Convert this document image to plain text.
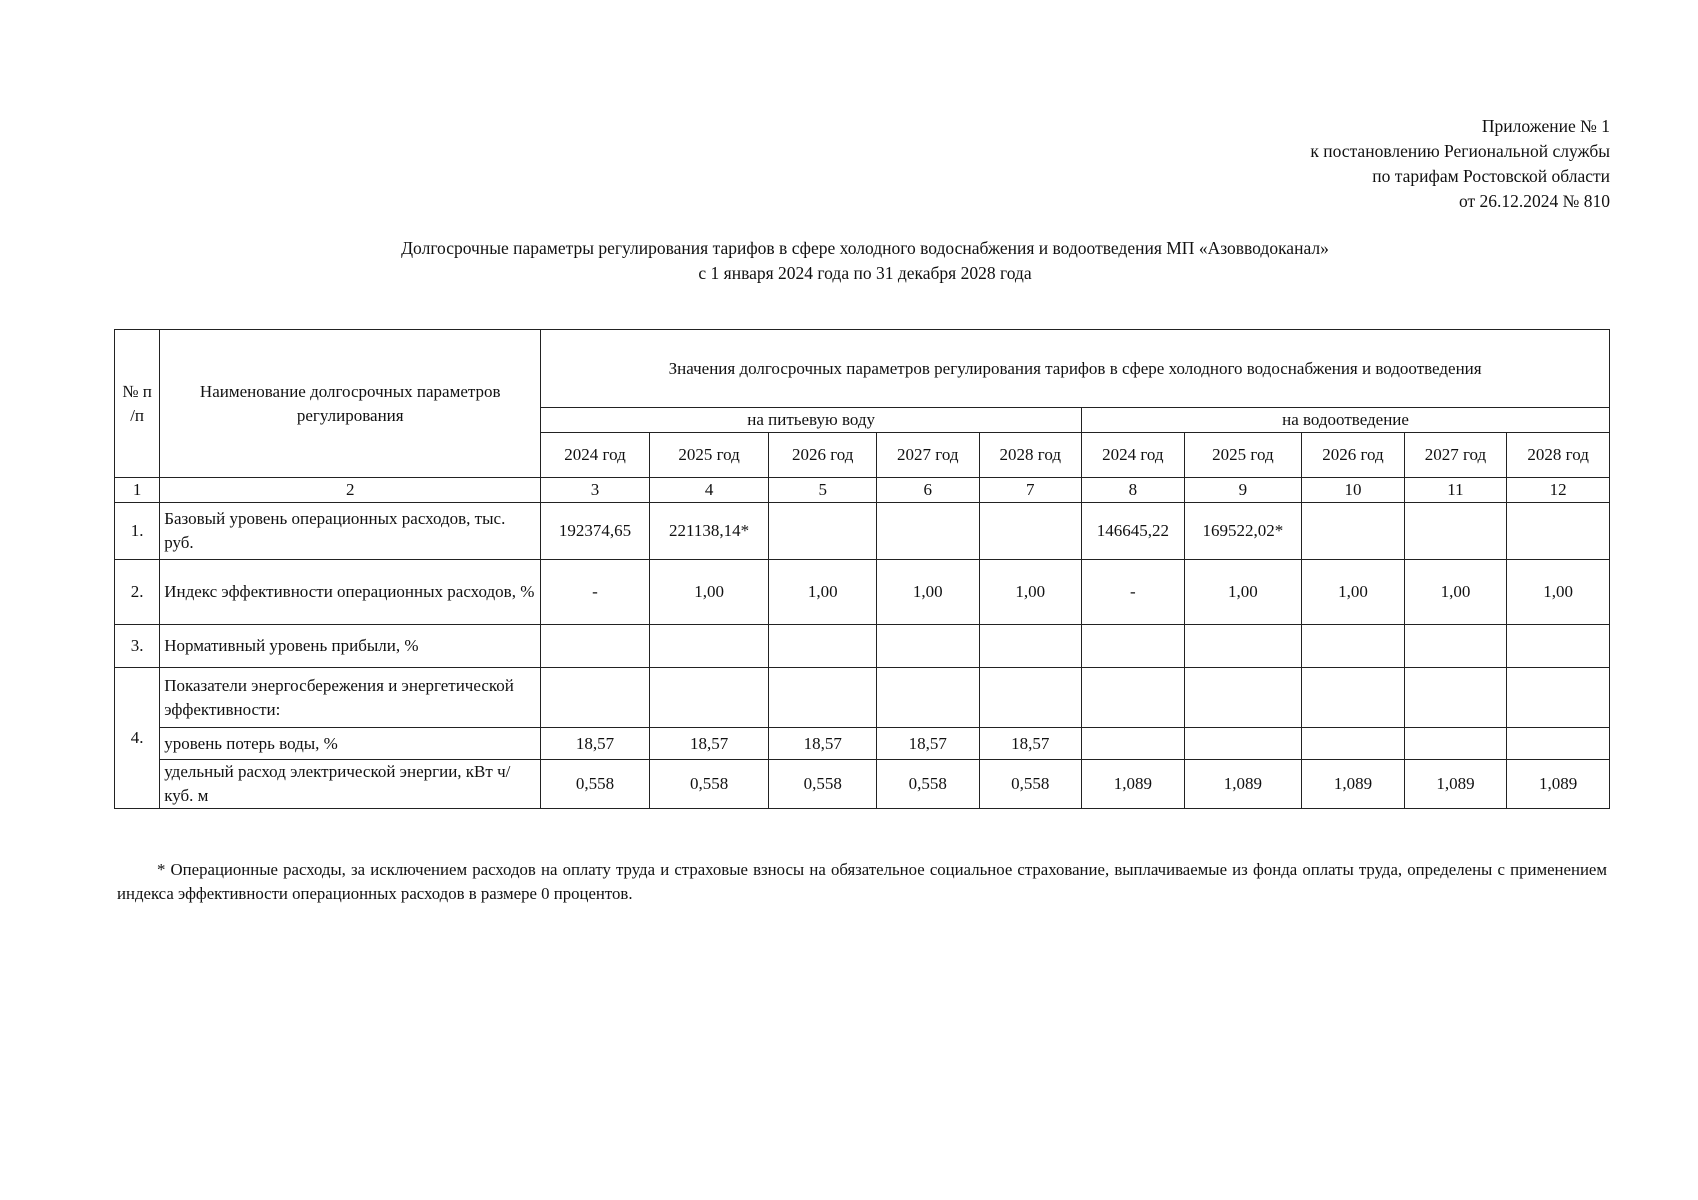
Приложение № 1
к постановлению Региональной службы
по тарифам Ростовской области
от 26.12.2024 № 810
Долгосрочные параметры регулирования тарифов в сфере холодного водоснабжения и водоотведения МП «Азовводоканал»
с 1 января 2024 года по 31 декабря 2028 года
№ п /п	Наименование долгосрочных параметров регулирования	Значения долгосрочных параметров регулирования тарифов в сфере холодного водоснабжения и водоотведения									
		на питьевую воду					на водоотведение				
		2024 год	2025 год	2026 год	2027 год	2028 год	2024 год	2025 год	2026 год	2027 год	2028 год
1	2	3	4	5	6	7	8	9	10	11	12
1.	Базовый уровень операционных расходов, тыс. руб.	192374,65	221138,14*				146645,22	169522,02*			
2.	Индекс эффективности операционных расходов, %	-	1,00	1,00	1,00	1,00	-	1,00	1,00	1,00	1,00
3.	Нормативный уровень прибыли, %										
4.	Показатели энергосбережения и энергетической эффективности:										
	уровень потерь воды, %	18,57	18,57	18,57	18,57	18,57					
	удельный расход электрической энергии, кВт ч/куб. м	0,558	0,558	0,558	0,558	0,558	1,089	1,089	1,089	1,089	1,089
* Операционные расходы, за исключением расходов на оплату труда и страховые взносы на обязательное социальное страхование, выплачиваемые из фонда оплаты труда, определены с применением индекса эффективности операционных расходов в размере 0 процентов.
